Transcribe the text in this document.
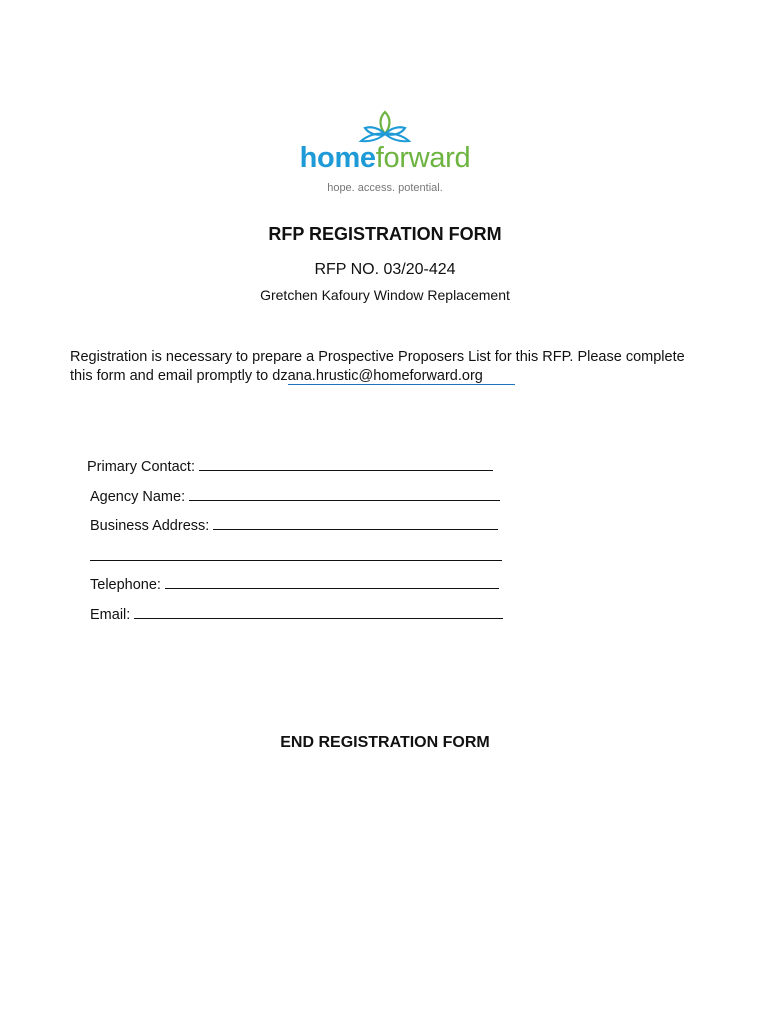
homeforward
hope. access. potential.
RFP REGISTRATION FORM
RFP NO. 03/20-424
Gretchen Kafoury Window Replacement
Registration is necessary to prepare a Prospective Proposers List for this RFP. Please complete this form and email promptly to dzana.hrustic@homeforward.org
Primary Contact:
Agency Name:
Business Address:
Telephone:
Email:
END REGISTRATION FORM
